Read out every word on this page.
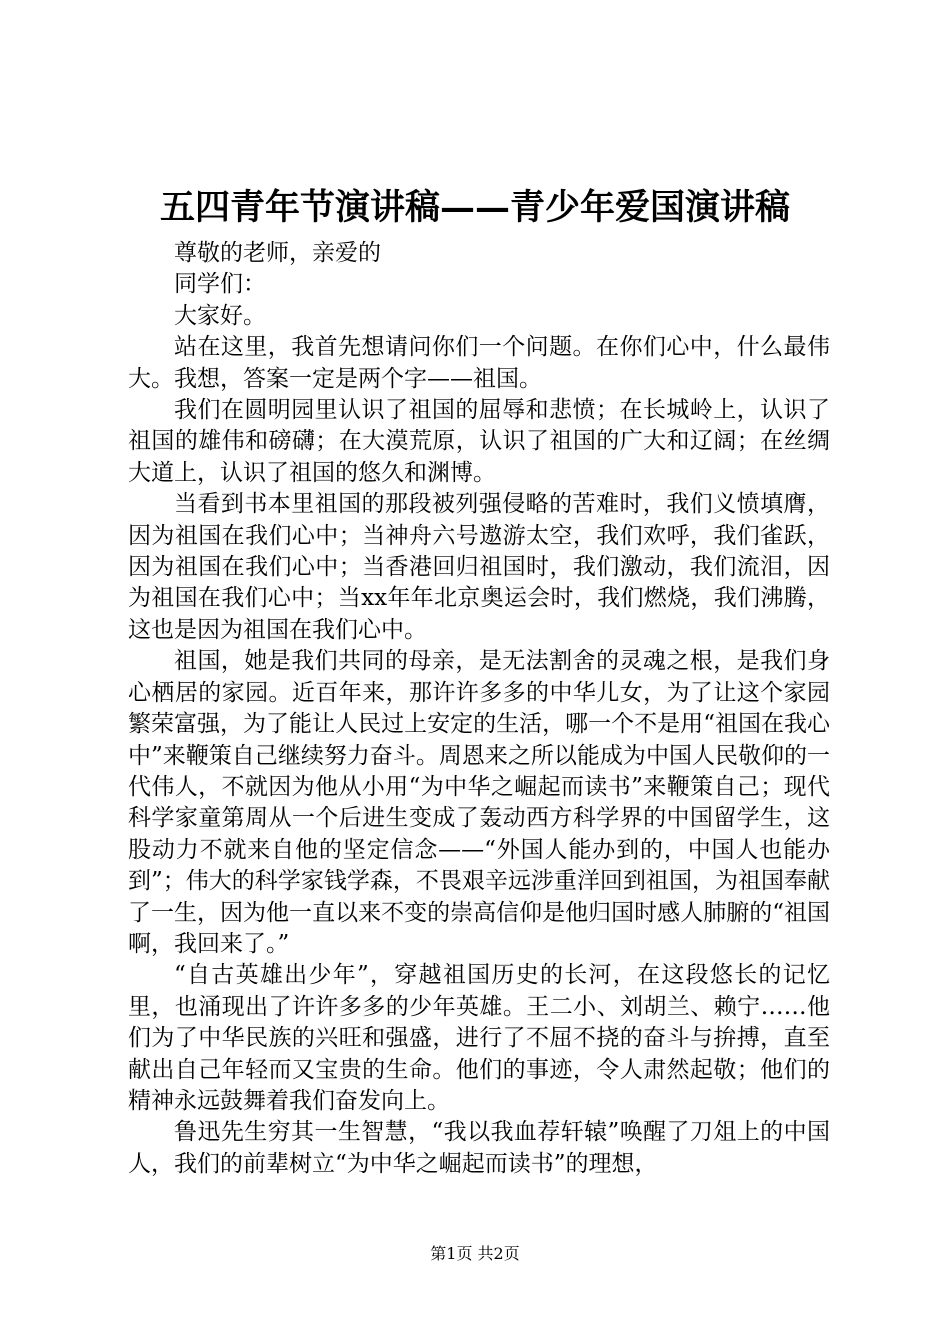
五四青年节演讲稿——青少年爱国演讲稿

尊敬的老师，亲爱的

同学们：

大家好。

站在这里，我首先想请问你们一个问题。在你们心中，什么最伟大。我想，答案一定是两个字——祖国。

我们在圆明园里认识了祖国的屈辱和悲愤；在长城岭上，认识了祖国的雄伟和磅礴；在大漠荒原，认识了祖国的广大和辽阔；在丝绸大道上，认识了祖国的悠久和渊博。

当看到书本里祖国的那段被列强侵略的苦难时，我们义愤填膺，因为祖国在我们心中；当神舟六号遨游太空，我们欢呼，我们雀跃，因为祖国在我们心中；当香港回归祖国时，我们激动，我们流泪，因为祖国在我们心中；当xx年年北京奥运会时，我们燃烧，我们沸腾，这也是因为祖国在我们心中。

祖国，她是我们共同的母亲，是无法割舍的灵魂之根，是我们身心栖居的家园。近百年来，那许许多多的中华儿女，为了让这个家园繁荣富强，为了能让人民过上安定的生活，哪一个不是用“祖国在我心中”来鞭策自己继续努力奋斗。周恩来之所以能成为中国人民敬仰的一代伟人，不就因为他从小用“为中华之崛起而读书”来鞭策自己；现代科学家童第周从一个后进生变成了轰动西方科学界的中国留学生，这股动力不就来自他的坚定信念——“外国人能办到的，中国人也能办到”；伟大的科学家钱学森，不畏艰辛远涉重洋回到祖国，为祖国奉献了一生，因为他一直以来不变的崇高信仰是他归国时感人肺腑的“祖国啊，我回来了。”

“自古英雄出少年”，穿越祖国历史的长河，在这段悠长的记忆里，也涌现出了许许多多的少年英雄。王二小、刘胡兰、赖宁……他们为了中华民族的兴旺和强盛，进行了不屈不挠的奋斗与拚搏，直至献出自己年轻而又宝贵的生命。他们的事迹，令人肃然起敬；他们的精神永远鼓舞着我们奋发向上。

鲁迅先生穷其一生智慧，“我以我血荐轩辕”唤醒了刀俎上的中国人，我们的前辈树立“为中华之崛起而读书”的理想，

第1页 共2页
